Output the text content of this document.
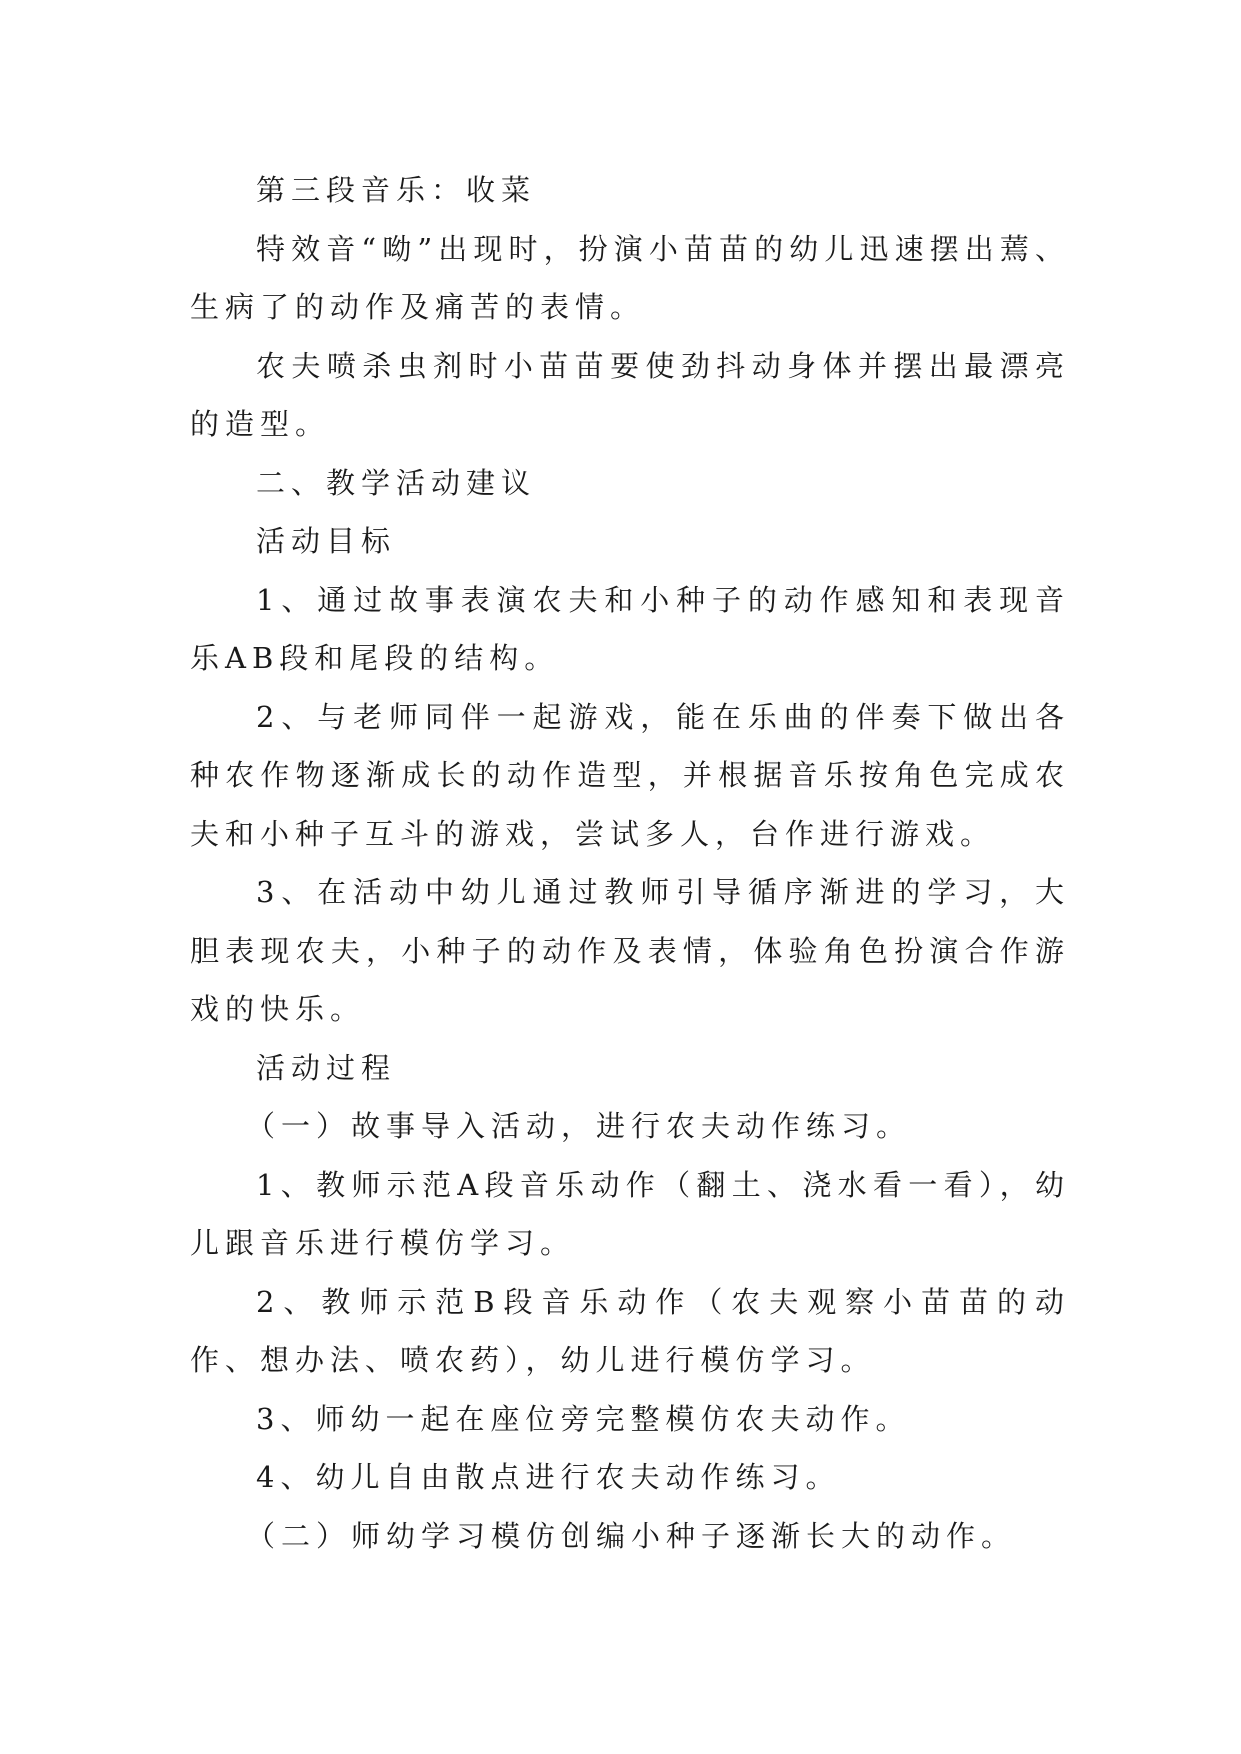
第三段音乐：收菜

特效音“呦”出现时，扮演小苗苗的幼儿迅速摆出蔫、生病了的动作及痛苦的表情。

农夫喷杀虫剂时小苗苗要使劲抖动身体并摆出最漂亮的造型。

二、教学活动建议

活动目标

1、通过故事表演农夫和小种子的动作感知和表现音乐AB段和尾段的结构。

2、与老师同伴一起游戏，能在乐曲的伴奏下做出各种农作物逐渐成长的动作造型，并根据音乐按角色完成农夫和小种子互斗的游戏，尝试多人，台作进行游戏。

3、在活动中幼儿通过教师引导循序渐进的学习，大胆表现农夫，小种子的动作及表情，体验角色扮演合作游戏的快乐。

活动过程

（一）故事导入活动，进行农夫动作练习。

1、教师示范A段音乐动作（翻土、浇水看一看），幼儿跟音乐进行模仿学习。

2、教师示范B段音乐动作（农夫观察小苗苗的动作、想办法、喷农药），幼儿进行模仿学习。

3、师幼一起在座位旁完整模仿农夫动作。

4、幼儿自由散点进行农夫动作练习。

（二）师幼学习模仿创编小种子逐渐长大的动作。
